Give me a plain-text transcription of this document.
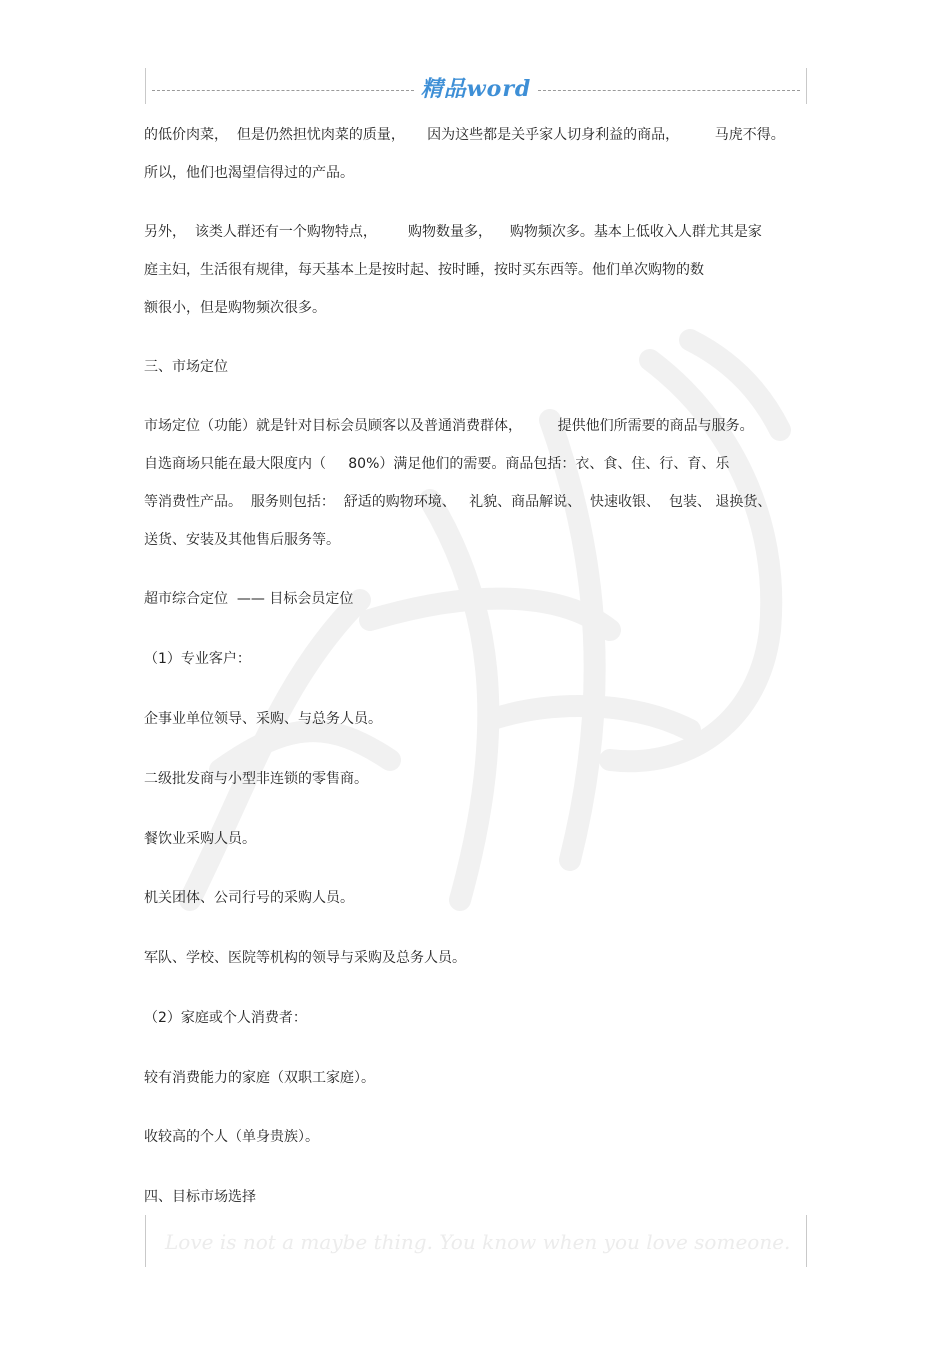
精品word
的低价肉菜，  但是仍然担忧肉菜的质量，     因为这些都是关乎家人切身利益的商品，        马虎不得。
所以，他们也渴望信得过的产品。
另外，  该类人群还有一个购物特点，       购物数量多，    购物频次多。基本上低收入人群尤其是家
庭主妇，生活很有规律，每天基本上是按时起、按时睡，按时买东西等。他们单次购物的数
额很小，但是购物频次很多。
三、市场定位
市场定位（功能）就是针对目标会员顾客以及普通消费群体，        提供他们所需要的商品与服务。
自选商场只能在最大限度内（     80%）满足他们的需要。商品包括：衣、食、住、行、育、乐
等消费性产品。  服务则包括：  舒适的购物环境、   礼貌、商品解说、  快速收银、  包装、 退换货、
送货、安装及其他售后服务等。
超市综合定位  —— 目标会员定位
（1）专业客户：
企事业单位领导、采购、与总务人员。
二级批发商与小型非连锁的零售商。
餐饮业采购人员。
机关团体、公司行号的采购人员。
军队、学校、医院等机构的领导与采购及总务人员。
（2）家庭或个人消费者：
较有消费能力的家庭（双职工家庭）。
收较高的个人（单身贵族）。
四、目标市场选择
Love is not a maybe thing. You know when you love someone.
